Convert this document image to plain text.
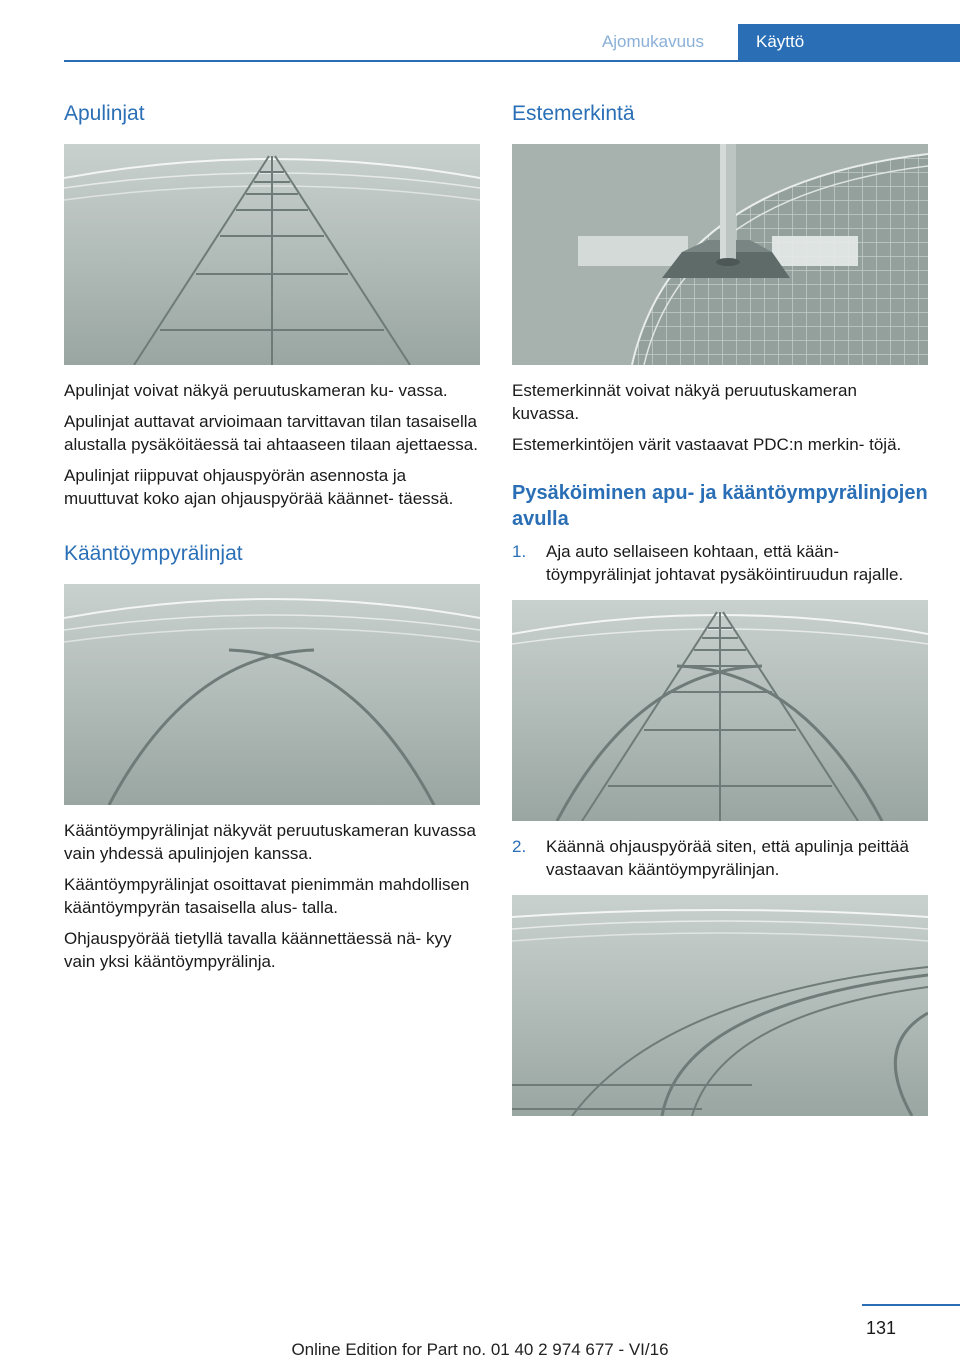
Ajomukavuus	Käyttö
Apulinjat

Apulinjat voivat näkyä peruutuskameran ku- vassa.

Apulinjat auttavat arvioimaan tarvittavan tilan tasaisella alustalla pysäköitäessä tai ahtaaseen tilaan ajettaessa.

Apulinjat riippuvat ohjauspyörän asennosta ja muuttuvat koko ajan ohjauspyörää käännet- täessä.

Kääntöympyrälinjat

Kääntöympyrälinjat näkyvät peruutuskameran kuvassa vain yhdessä apulinjojen kanssa.

Kääntöympyrälinjat osoittavat pienimmän mahdollisen kääntöympyrän tasaisella alus- talla.

Ohjauspyörää tietyllä tavalla käännettäessä nä- kyy vain yksi kääntöympyrälinja.

Estemerkintä

Estemerkinnät voivat näkyä peruutuskameran kuvassa.

Estemerkintöjen värit vastaavat PDC:n merkin- töjä.

Pysäköiminen apu- ja kääntöympyrälinjojen avulla
1. Aja auto sellaiseen kohtaan, että kään- töympyrälinjat johtavat pysäköintiruudun rajalle.
2. Käännä ohjauspyörää siten, että apulinja peittää vastaavan kääntöympyrälinjan.
131
Online Edition for Part no. 01 40 2 974 677 - VI/16
